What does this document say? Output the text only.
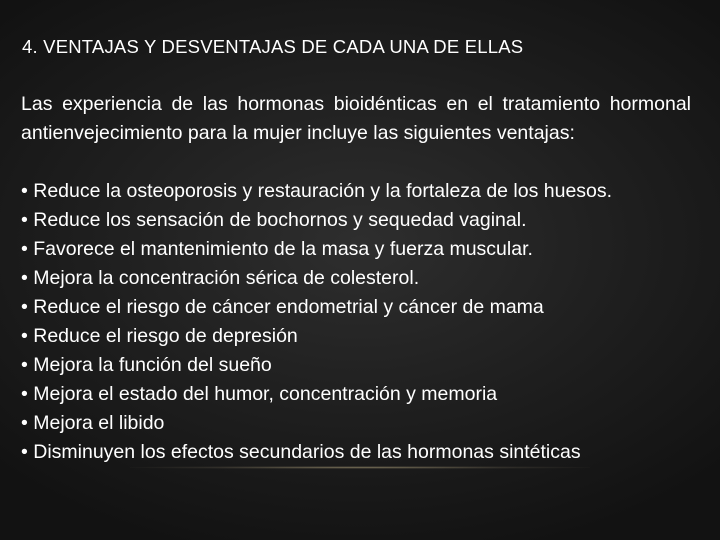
4. VENTAJAS Y DESVENTAJAS DE CADA UNA DE ELLAS

Las experiencia de las hormonas bioidénticas en el tratamiento hormonal antienvejecimiento para la mujer incluye las siguientes ventajas:

• Reduce la osteoporosis y restauración y la fortaleza de los huesos.
• Reduce los sensación de bochornos y sequedad vaginal.
• Favorece el mantenimiento de la masa y fuerza muscular.
• Mejora la concentración sérica de colesterol.
• Reduce el riesgo de cáncer endometrial y cáncer de mama
• Reduce el riesgo de depresión
• Mejora la función del sueño
• Mejora el estado del humor, concentración y memoria
• Mejora el libido
• Disminuyen los efectos secundarios de las hormonas sintéticas
